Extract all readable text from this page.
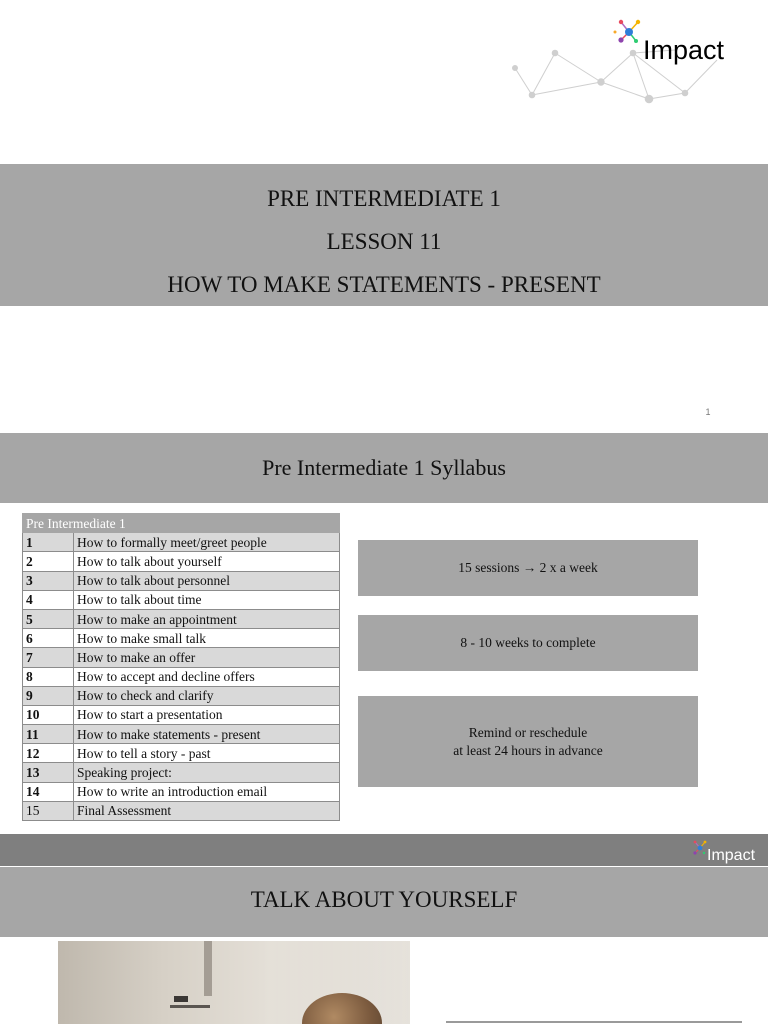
Impact
PRE INTERMEDIATE 1
LESSON 11
HOW TO MAKE STATEMENTS - PRESENT
1
Pre Intermediate 1 Syllabus
Pre Intermediate 1	
1	How to formally meet/greet people
2	How to talk about yourself
3	How to talk about personnel
4	How to talk about time
5	How to make an appointment
6	How to make small talk
7	How to make an offer
8	How to accept and decline offers
9	How to check and clarify
10	How to start a presentation
11	How to make statements - present
12	How to tell a story - past
13	Speaking project:
14	How to write an introduction email
15	Final Assessment
15 sessions → 2 x a week
8 - 10 weeks to complete
Remind or reschedule
at least 24 hours in advance
Impact
TALK ABOUT YOURSELF
